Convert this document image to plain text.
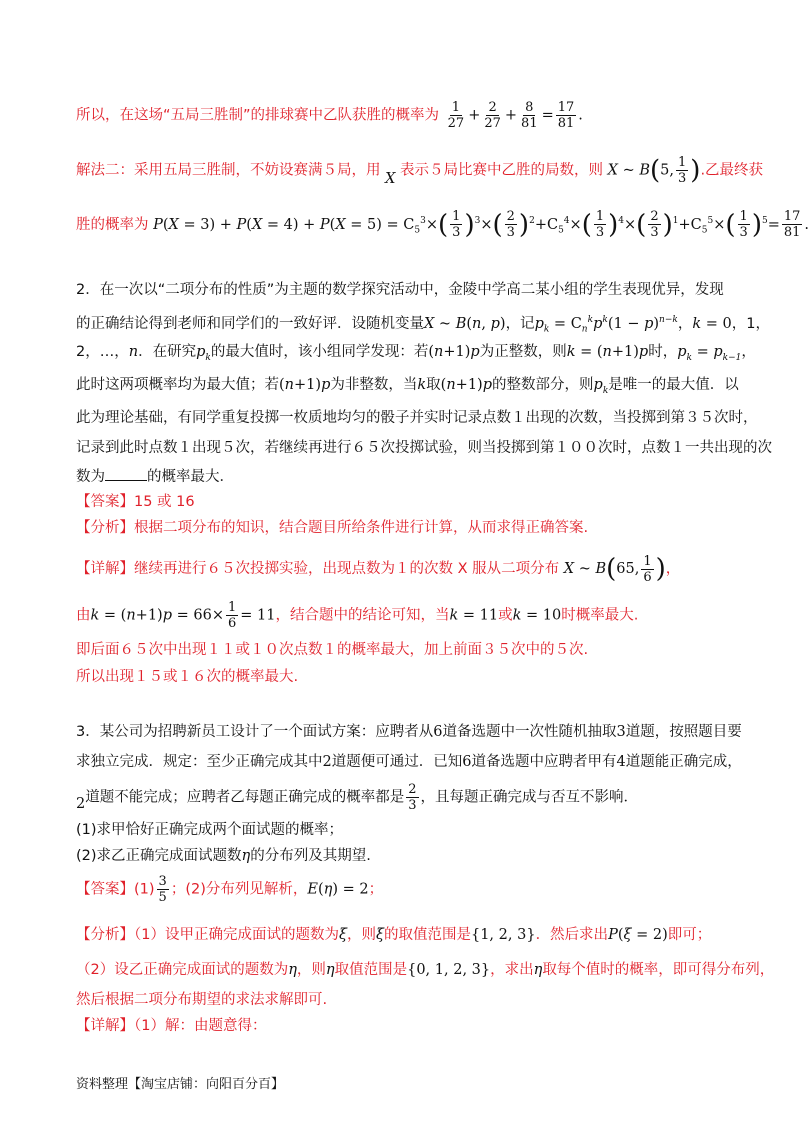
所以，在这场“五局三胜制”的排球赛中乙队获胜的概率为 $\frac{1}{27} + \frac{2}{27} + \frac{8}{81} = \frac{17}{81}$ .
解法二：采用五局三胜制，不妨设赛满５局，用 X 表示５局比赛中乙胜的局数，则 X ~ B(5, $\frac{1}{3}$ ).乙最终获
胜的概率为 $P(X = 3) + P(X = 4) + P(X = 5) = C_5^3\times( \frac{1}{3} )^3\times( \frac{2}{3} )^2+C_5^4\times( \frac{1}{3} )^4\times( \frac{2}{3} )^1+C_5^5\times( \frac{1}{3} )^5= \frac{17}{81}$ .
2．在一次以“二项分布的性质”为主题的数学探究活动中，金陵中学高二某小组的学生表现优异，发现
的正确结论得到老师和同学们的一致好评．设随机变量X ~ B(n, p)，记$p_k = C_n^kp^k(1 - p)^{n-k}$，k = 0，1，
2，…，n．在研究$p_k$的最大值时，该小组同学发现：若(n+1)p为正整数，则k = (n+1)p时，$p_k = p_{k-1}$，
此时这两项概率均为最大值；若(n+1)p为非整数，当k取(n+1)p的整数部分，则$p_k$是唯一的最大值．以
此为理论基础，有同学重复投掷一枚质地均匀的骰子并实时记录点数１出现的次数，当投掷到第３５次时，
记录到此时点数１出现５次，若继续再进行６５次投掷试验，则当投掷到第１００次时，点数１一共出现的次
数为	的概率最大．
【答案】15 或 16
【分析】根据二项分布的知识，结合题目所给条件进行计算，从而求得正确答案.
【详解】继续再进行６５次投掷实验，出现点数为１的次数 X 服从二项分布 X ~ B(65, $\frac{1}{6}$ )，
由$k = (n+1)p = 66\times \frac{1}{6} = 11$，结合题中的结论可知，当k = 11或k = 10时概率最大.
即后面６５次中出现１１或１０次点数１的概率最大，加上前面３５次中的５次.
所以出现１５或１６次的概率最大.
3．某公司为招聘新员工设计了一个面试方案：应聘者从6道备选题中一次性随机抽取3道题，按照题目要
求独立完成．规定：至少正确完成其中2道题便可通过．已知6道备选题中应聘者甲有4道题能正确完成，
2道题不能完成；应聘者乙每题正确完成的概率都是 $\frac{2}{3}$ ，且每题正确完成与否互不影响．
(1)求甲恰好正确完成两个面试题的概率；
(2)求乙正确完成面试题数η的分布列及其期望.
【答案】$(1) \frac{3}{5}$ ；(2)分布列见解析，E(η) = 2；
【分析】（1）设甲正确完成面试的题数为ξ，则ξ的取值范围是{1, 2, 3}．然后求出P(ξ = 2)即可；
（2）设乙正确完成面试的题数为η，则η取值范围是{0, 1, 2, 3}，求出η取每个值时的概率，即可得分布列，
然后根据二项分布期望的求法求解即可.
【详解】（1）解：由题意得：
资料整理【淘宝店铺：向阳百分百】
